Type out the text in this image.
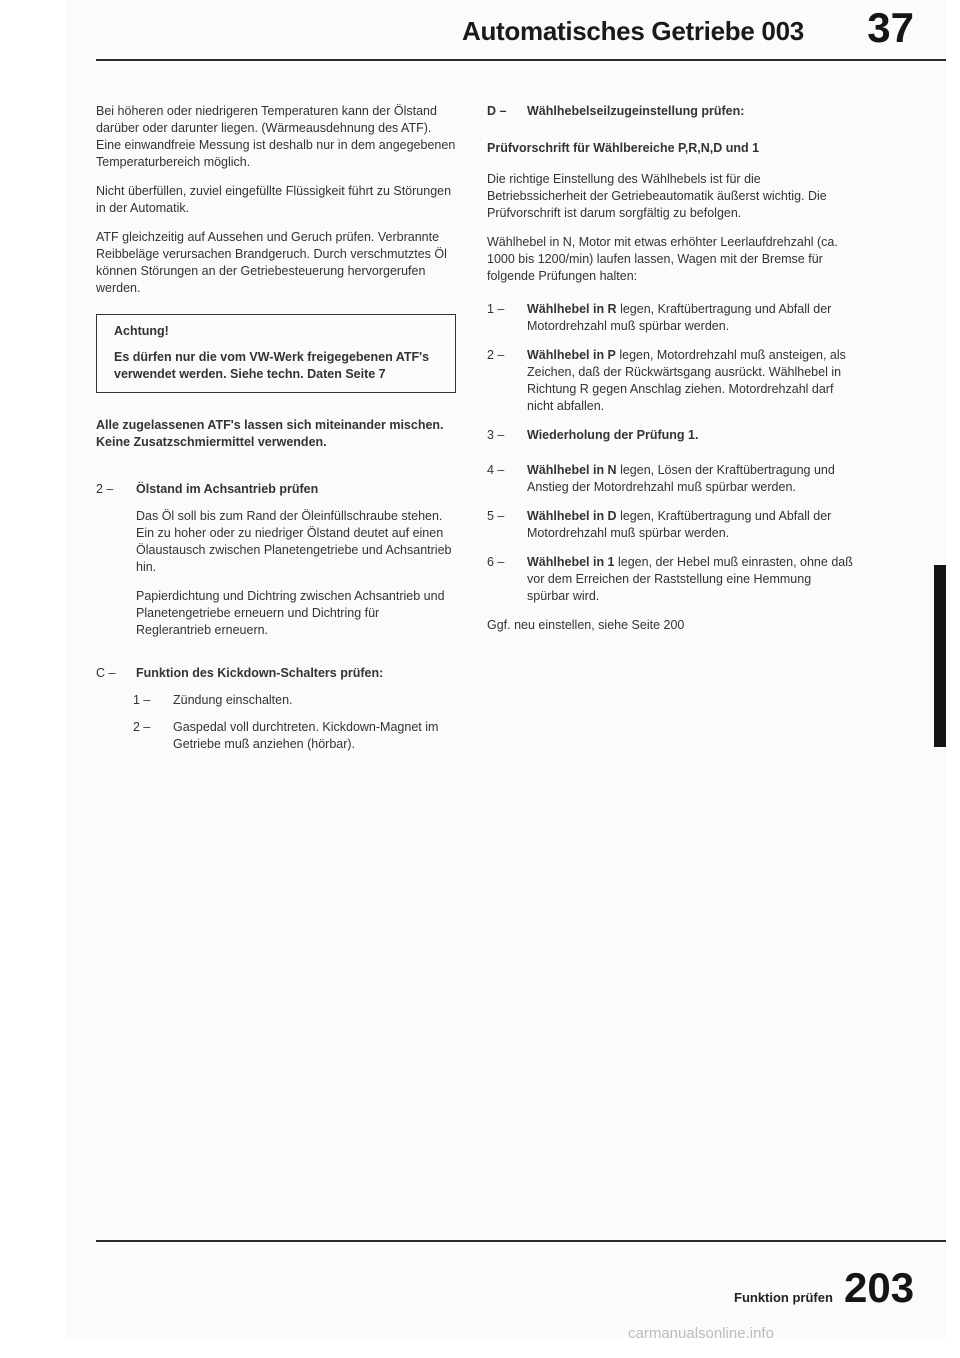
Automatisches Getriebe 003 37

Bei höheren oder niedrigeren Temperaturen kann der Ölstand darüber oder darunter liegen. (Wärmeausdehnung des ATF). Eine einwandfreie Messung ist deshalb nur in dem angegebenen Temperaturbereich möglich.

Nicht überfüllen, zuviel eingefüllte Flüssigkeit führt zu Störungen in der Automatik.

ATF gleichzeitig auf Aussehen und Geruch prüfen. Verbrannte Reibbeläge verursachen Brandgeruch. Durch verschmutztes Öl können Störungen an der Getriebesteuerung hervorgerufen werden.

Achtung!
Es dürfen nur die vom VW-Werk freigegebenen ATF's verwendet werden. Siehe techn. Daten Seite 7

Alle zugelassenen ATF's lassen sich miteinander mischen. Keine Zusatzschmiermittel verwenden.

2 –	Ölstand im Achsantrieb prüfen

Das Öl soll bis zum Rand der Öleinfüllschraube stehen. Ein zu hoher oder zu niedriger Ölstand deutet auf einen Ölaustausch zwischen Planetengetriebe und Achsantrieb hin.

Papierdichtung und Dichtring zwischen Achsantrieb und Planetengetriebe erneuern und Dichtring für Reglerantrieb erneuern.

C –	Funktion des Kickdown-Schalters prüfen:
1 –	Zündung einschalten.
2 –	Gaspedal voll durchtreten. Kickdown-Magnet im Getriebe muß anziehen (hörbar).
D –	Wählhebelseilzugeinstellung prüfen:

Prüfvorschrift für Wählbereiche P,R,N,D und 1

Die richtige Einstellung des Wählhebels ist für die Betriebssicherheit der Getriebeautomatik äußerst wichtig. Die Prüfvorschrift ist darum sorgfältig zu befolgen.

Wählhebel in N, Motor mit etwas erhöhter Leerlaufdrehzahl (ca. 1000 bis 1200/min) laufen lassen, Wagen mit der Bremse für folgende Prüfungen halten:

1 –	Wählhebel in R legen, Kraftübertragung und Abfall der Motordrehzahl muß spürbar werden.
2 –	Wählhebel in P legen, Motordrehzahl muß ansteigen, als Zeichen, daß der Rückwärtsgang ausrückt. Wählhebel in Richtung R gegen Anschlag ziehen. Motordrehzahl darf nicht abfallen.
3 –	Wiederholung der Prüfung 1.
4 –	Wählhebel in N legen, Lösen der Kraftübertragung und Anstieg der Motordrehzahl muß spürbar werden.
5 –	Wählhebel in D legen, Kraftübertragung und Abfall der Motordrehzahl muß spürbar werden.
6 –	Wählhebel in 1 legen, der Hebel muß einrasten, ohne daß vor dem Erreichen der Raststellung eine Hemmung spürbar wird.

Ggf. neu einstellen, siehe Seite 200

Funktion prüfen 203
carmanualsonline.info
